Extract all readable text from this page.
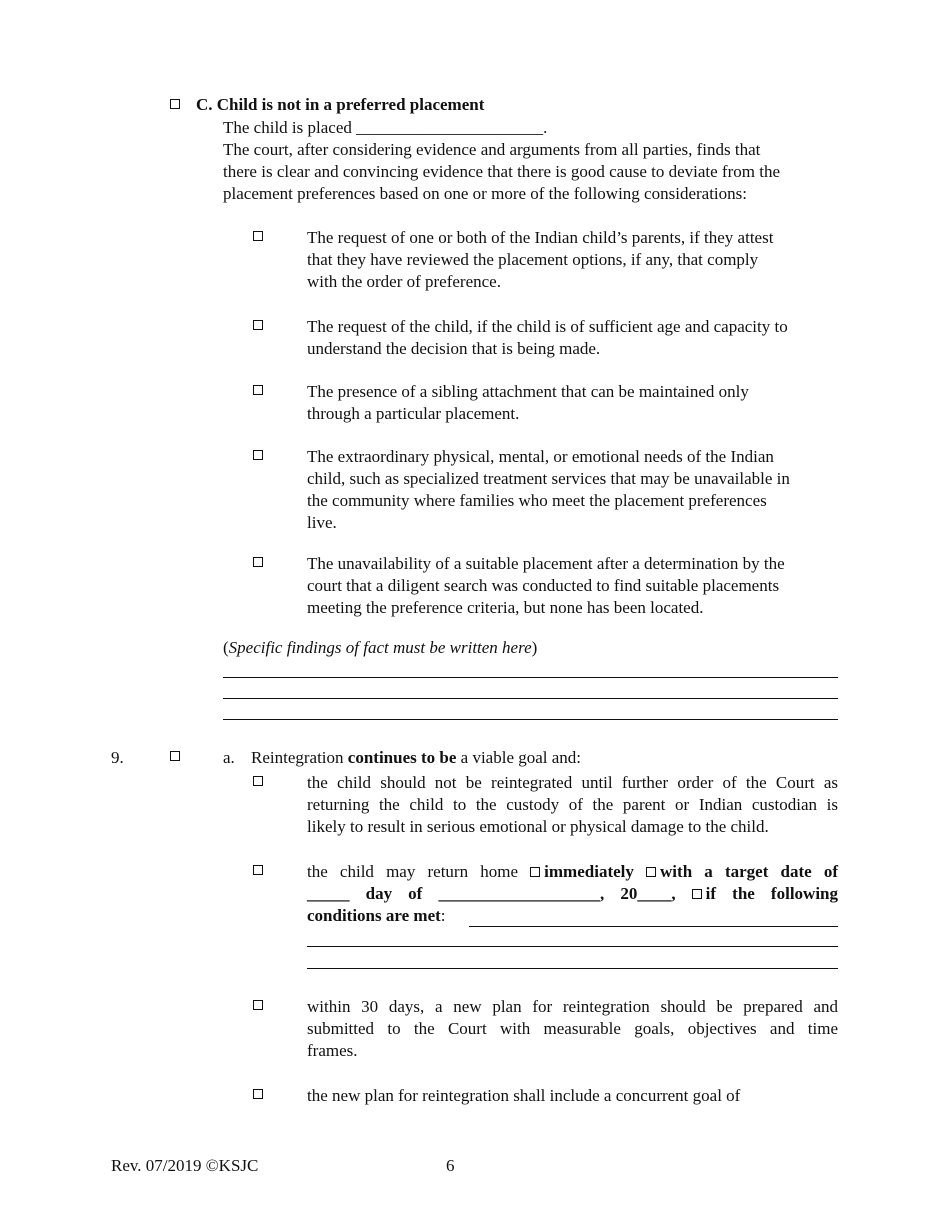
C. Child is not in a preferred placement
The child is placed ______________________.
The court, after considering evidence and arguments from all parties, finds that
there is clear and convincing evidence that there is good cause to deviate from the
placement preferences based on one or more of the following considerations:
The request of one or both of the Indian child’s parents, if they attest
that they have reviewed the placement options, if any, that comply
with the order of preference.
The request of the child, if the child is of sufficient age and capacity to
understand the decision that is being made.
The presence of a sibling attachment that can be maintained only
through a particular placement.
The extraordinary physical, mental, or emotional needs of the Indian
child, such as specialized treatment services that may be unavailable in
the community where families who meet the placement preferences
live.
The unavailability of a suitable placement after a determination by the
court that a diligent search was conducted to find suitable placements
meeting the preference criteria, but none has been located.
(Specific findings of fact must be written here)
9.	a. Reintegration continues to be a viable goal and:
the child should not be reintegrated until further order of the Court as
returning the child to the custody of the parent or Indian custodian is
likely to result in serious emotional or physical damage to the child.
the child may return home immediately with a target date of
_____ day of ___________________, 20____, if the following
conditions are met:
within 30 days, a new plan for reintegration should be prepared and
submitted to the Court with measurable goals, objectives and time
frames.
the new plan for reintegration shall include a concurrent goal of
Rev. 07/2019 ©KSJC	6
